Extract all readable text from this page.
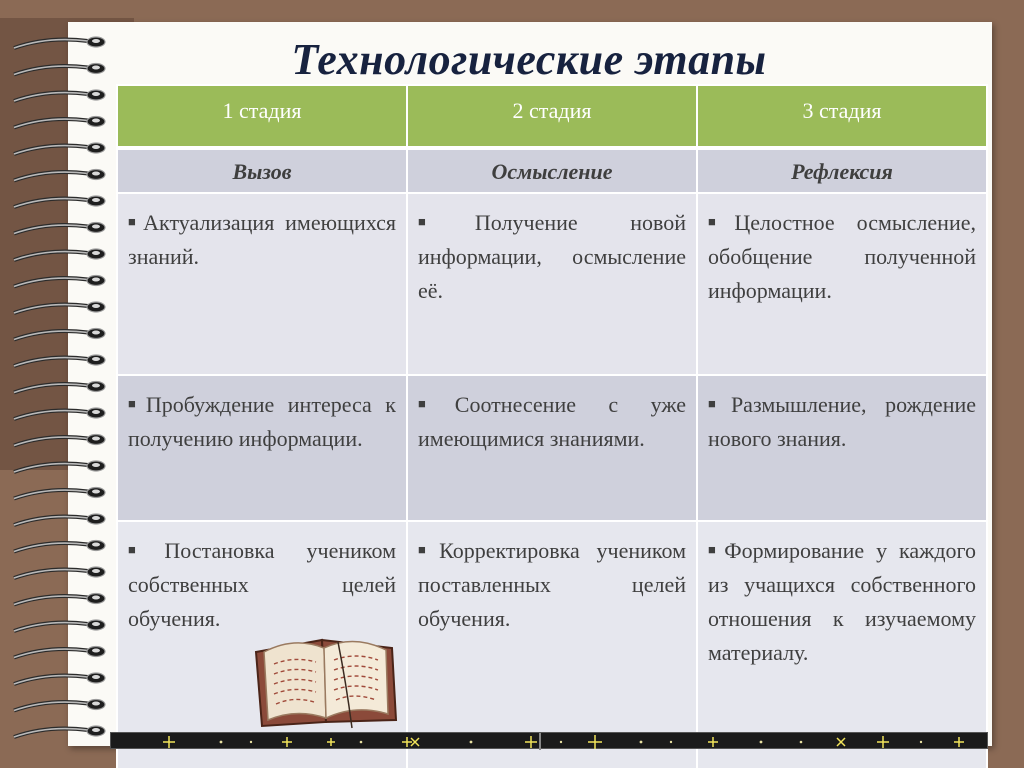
Технологические этапы
1 стадия	2 стадия	3 стадия

Вызов	Осмысление	Рефлексия
■Актуализация имеющихся знаний.	■Получение новой информации, осмысление её.	■Целостное осмысление, обобщение полученной информации.
■Пробуждение интереса к получению информации.	■Соотнесение с уже имеющимися знаниями.	■Размышление, рождение нового знания.
■Постановка учеником собственных целей обучения.	■Корректировка учеником поставленных целей обучения.	■Формирование у каждого из учащихся собственного отношения к изучаемому материалу.
